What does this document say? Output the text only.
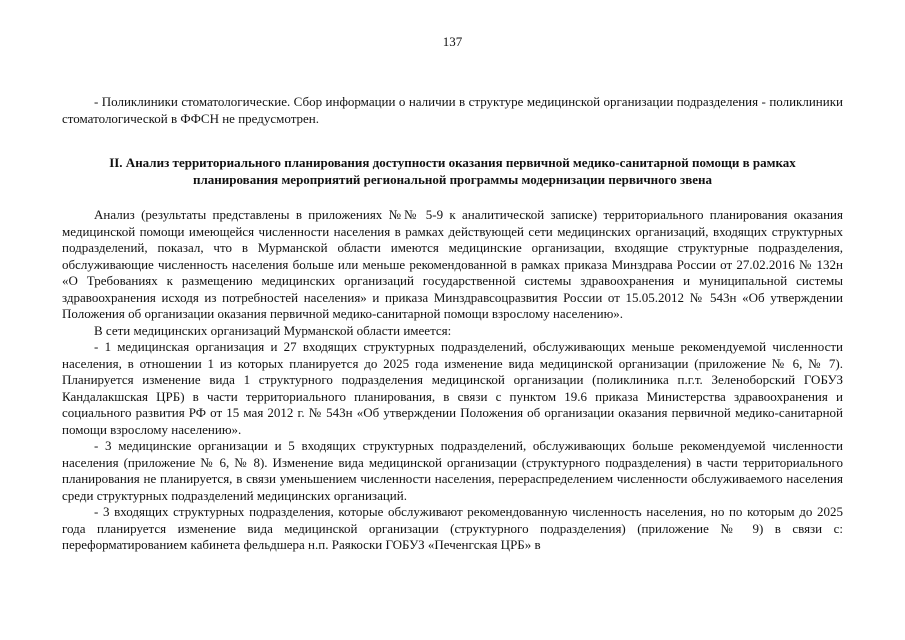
137

- Поликлиники стоматологические. Сбор информации о наличии в структуре медицинской организации подразделения - поликлиники стоматологической в ФФСН не предусмотрен.

II. Анализ территориального планирования доступности оказания первичной медико-санитарной помощи в рамках планирования мероприятий региональной программы модернизации первичного звена

Анализ (результаты представлены в приложениях №№ 5-9 к аналитической записке) территориального планирования оказания медицинской помощи имеющейся численности населения в рамках действующей сети медицинских организаций, входящих структурных подразделений, показал, что в Мурманской области имеются медицинские организации, входящие структурные подразделения, обслуживающие численность населения больше или меньше рекомендованной в рамках приказа Минздрава России от 27.02.2016 № 132н «О Требованиях к размещению медицинских организаций государственной системы здравоохранения и муниципальной системы здравоохранения исходя из потребностей населения» и приказа Минздравсоцразвития России от 15.05.2012 № 543н «Об утверждении Положения об организации оказания первичной медико-санитарной помощи взрослому населению».

В сети медицинских организаций Мурманской области имеется:

- 1 медицинская организация и 27 входящих структурных подразделений, обслуживающих меньше рекомендуемой численности населения, в отношении 1 из которых планируется до 2025 года изменение вида медицинской организации (приложение № 6, № 7). Планируется изменение вида 1 структурного подразделения медицинской организации (поликлиника п.г.т. Зеленоборский ГОБУЗ Кандалакшская ЦРБ) в части территориального планирования, в связи с пунктом 19.6 приказа Министерства здравоохранения и социального развития РФ от 15 мая 2012 г. № 543н «Об утверждении Положения об организации оказания первичной медико-санитарной помощи взрослому населению».

- 3 медицинские организации и 5 входящих структурных подразделений, обслуживающих больше рекомендуемой численности населения (приложение № 6, № 8). Изменение вида медицинской организации (структурного подразделения) в части территориального планирования не планируется, в связи уменьшением численности населения, перераспределением численности обслуживаемого населения среди структурных подразделений медицинских организаций.

- 3 входящих структурных подразделения, которые обслуживают рекомендованную численность населения, но по которым до 2025 года планируется изменение вида медицинской организации (структурного подразделения) (приложение № 9) в связи с: переформатированием кабинета фельдшера н.п. Раякоски ГОБУЗ «Печенгская ЦРБ» в
